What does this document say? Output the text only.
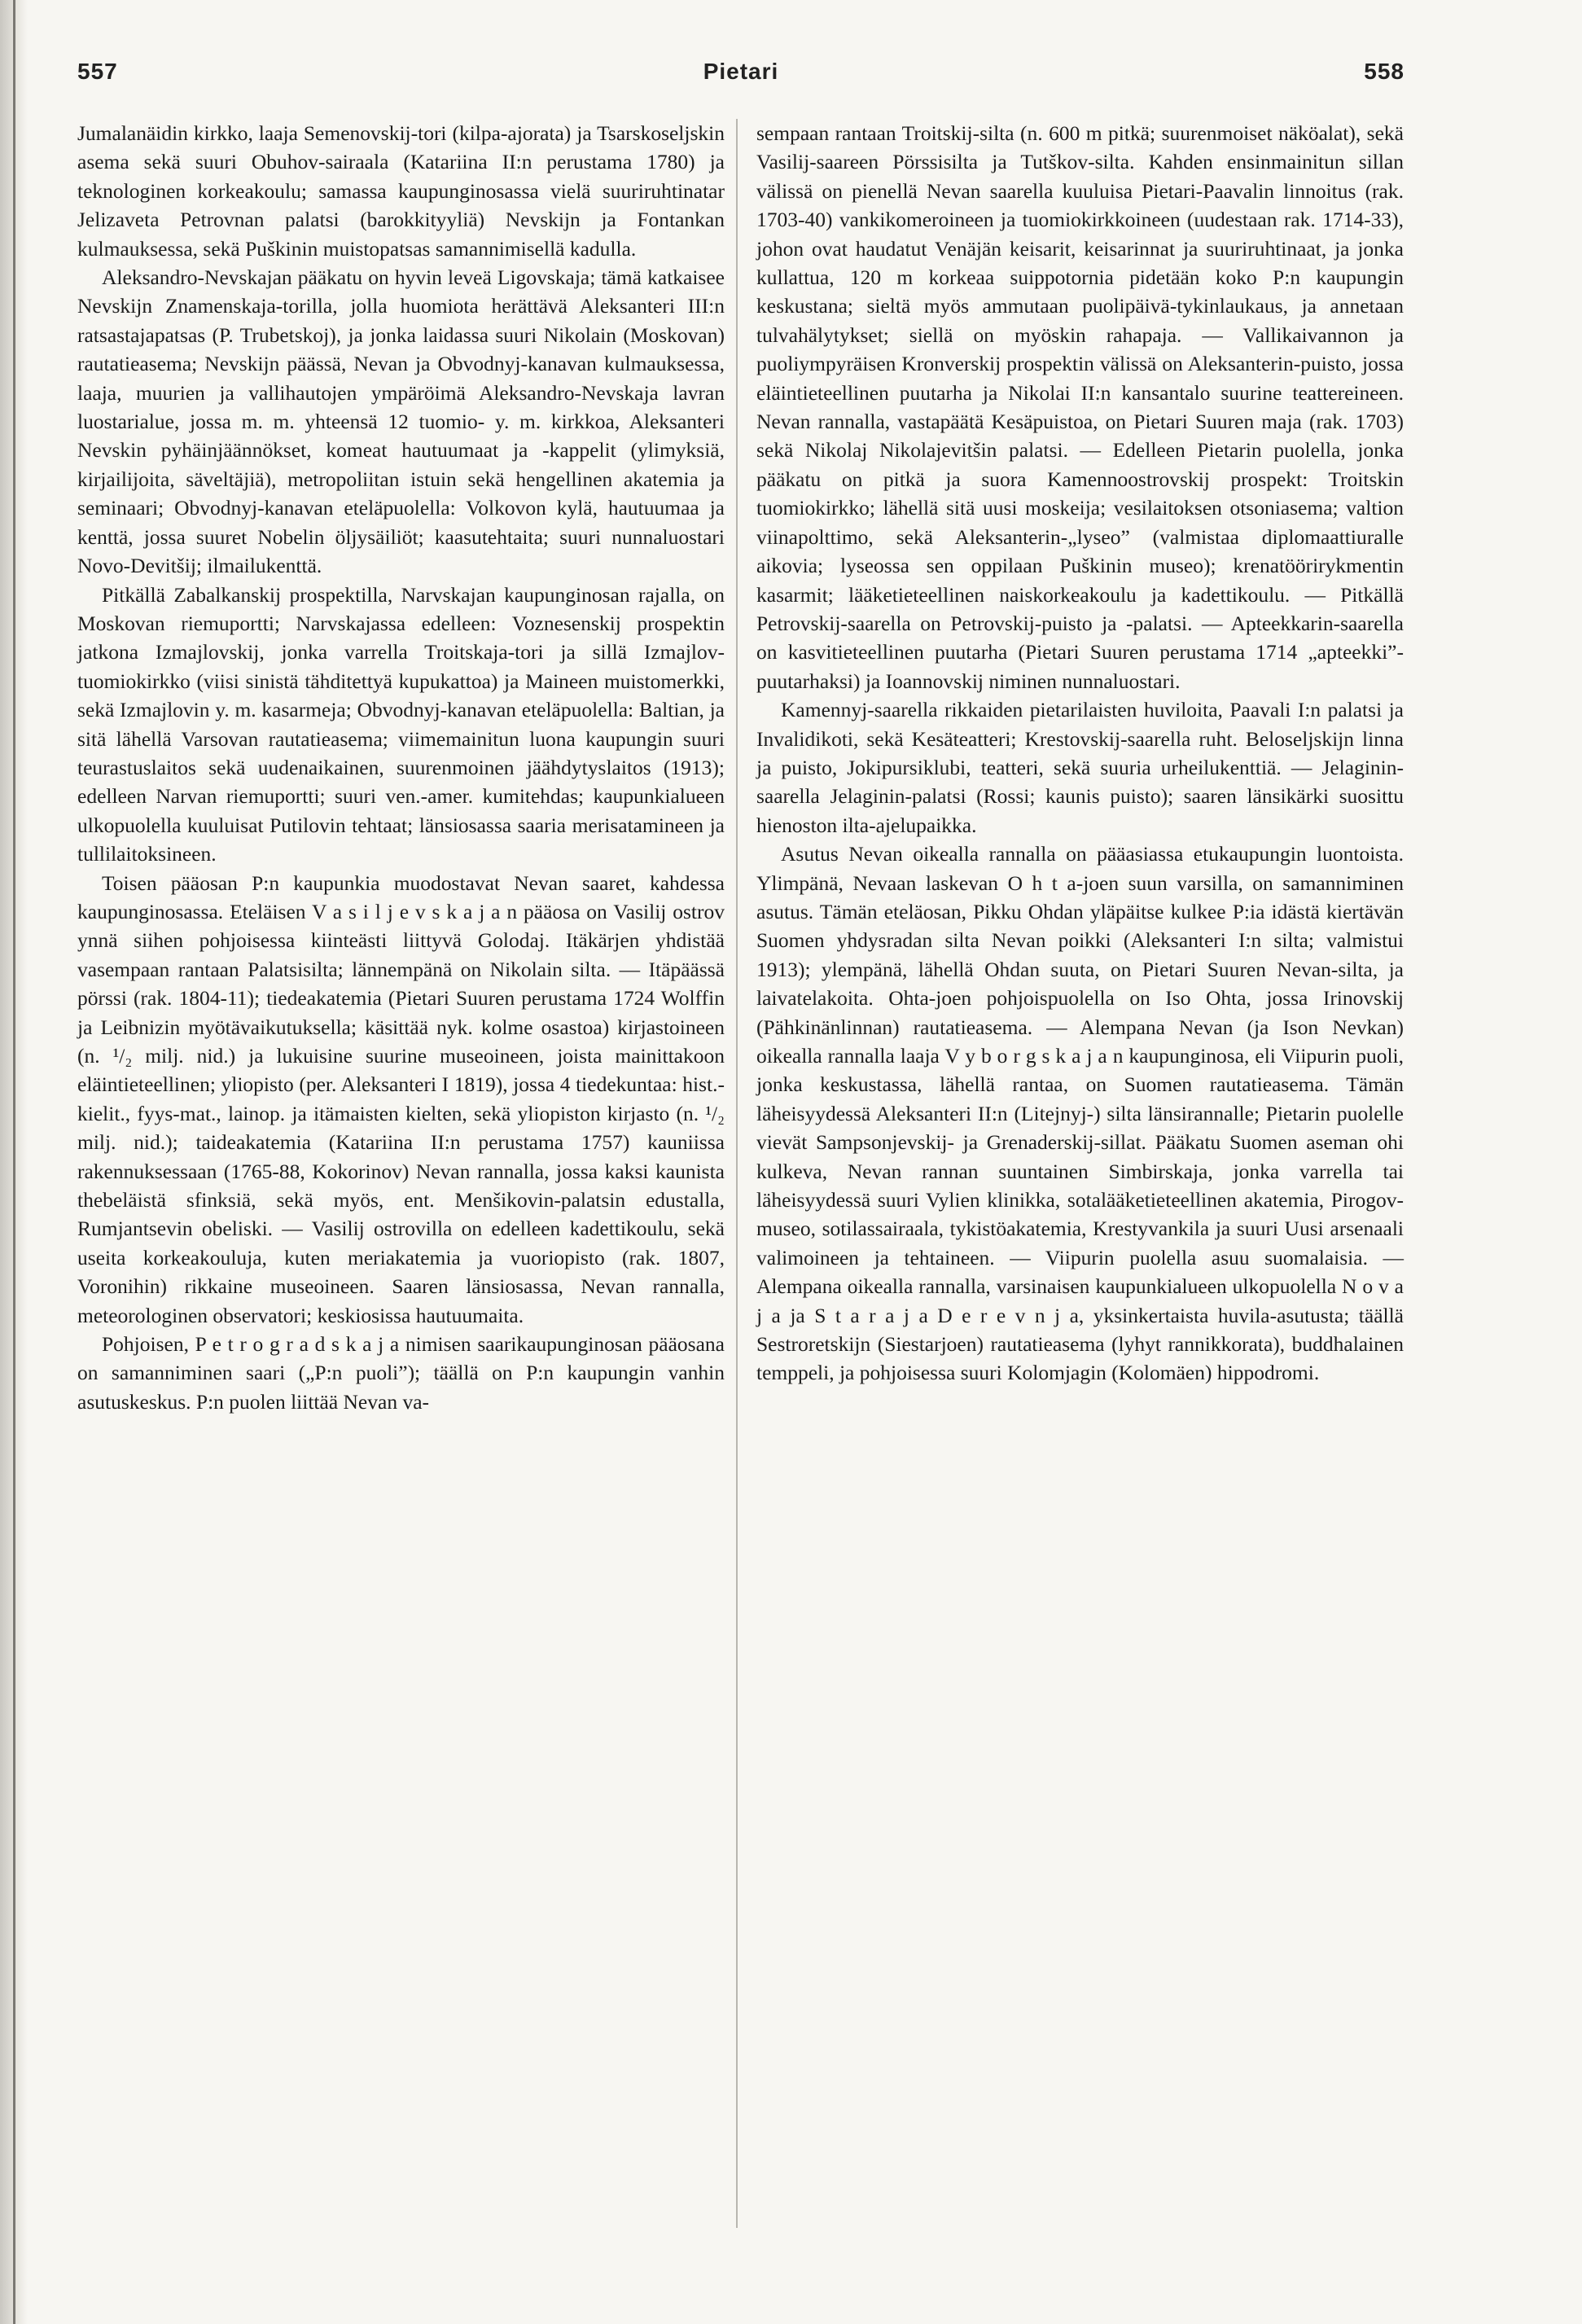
557	Pietari	558

Jumalanäidin kirkko, laaja Semenovskij-tori (kilpa-ajorata) ja Tsarskoseljskin asema sekä suuri Obuhov-sairaala (Katariina II:n perustama 1780) ja teknologinen korkeakoulu; samassa kaupunginosassa vielä suuriruhtinatar Jelizaveta Petrovnan palatsi (barokkityyliä) Nevskijn ja Fontankan kulmauksessa, sekä Puškinin muistopatsas samannimisellä kadulla.

Aleksandro-Nevskajan pääkatu on hyvin leveä Ligovskaja; tämä katkaisee Nevskijn Znamenskaja-torilla, jolla huomiota herättävä Aleksanteri III:n ratsastajapatsas (P. Trubetskoj), ja jonka laidassa suuri Nikolain (Moskovan) rautatieasema; Nevskijn päässä, Nevan ja Obvodnyj-kanavan kulmauksessa, laaja, muurien ja vallihautojen ympäröimä Aleksandro-Nevskaja lavran luostarialue, jossa m. m. yhteensä 12 tuomio- y. m. kirkkoa, Aleksanteri Nevskin pyhäinjäännökset, komeat hautuumaat ja -kappelit (ylimyksiä, kirjailijoita, säveltäjiä), metropoliitan istuin sekä hengellinen akatemia ja seminaari; Obvodnyj-kanavan eteläpuolella: Volkovon kylä, hautuumaa ja kenttä, jossa suuret Nobelin öljysäiliöt; kaasutehtaita; suuri nunnaluostari Novo-Devitšij; ilmailukenttä.

Pitkällä Zabalkanskij prospektilla, Narvskajan kaupunginosan rajalla, on Moskovan riemuportti; Narvskajassa edelleen: Voznesenskij prospektin jatkona Izmajlovskij, jonka varrella Troitskaja-tori ja sillä Izmajlov-tuomiokirkko (viisi sinistä tähditettyä kupukattoa) ja Maineen muistomerkki, sekä Izmajlovin y. m. kasarmeja; Obvodnyj-kanavan eteläpuolella: Baltian, ja sitä lähellä Varsovan rautatieasema; viimemainitun luona kaupungin suuri teurastuslaitos sekä uudenaikainen, suurenmoinen jäähdytyslaitos (1913); edelleen Narvan riemuportti; suuri ven.-amer. kumitehdas; kaupunkialueen ulkopuolella kuuluisat Putilovin tehtaat; länsiosassa saaria merisatamineen ja tullilaitoksineen.

Toisen pääosan P:n kaupunkia muodostavat Nevan saaret, kahdessa kaupunginosassa. Eteläisen V a s i l j e v s k a j a n pääosa on Vasilij ostrov ynnä siihen pohjoisessa kiinteästi liittyvä Golodaj. Itäkärjen yhdistää vasempaan rantaan Palatsisilta; lännempänä on Nikolain silta. — Itäpäässä pörssi (rak. 1804-11); tiedeakatemia (Pietari Suuren perustama 1724 Wolffin ja Leibnizin myötävaikutuksella; käsittää nyk. kolme osastoa) kirjastoineen (n. ¹/₂ milj. nid.) ja lukuisine suurine museoineen, joista mainittakoon eläintieteellinen; yliopisto (per. Aleksanteri I 1819), jossa 4 tiedekuntaa: hist.-kielit., fyys-mat., lainop. ja itämaisten kielten, sekä yliopiston kirjasto (n. ¹/₂ milj. nid.); taideakatemia (Katariina II:n perustama 1757) kauniissa rakennuksessaan (1765-88, Kokorinov) Nevan rannalla, jossa kaksi kaunista thebeläistä sfinksiä, sekä myös, ent. Menšikovin-palatsin edustalla, Rumjantsevin obeliski. — Vasilij ostrovilla on edelleen kadettikoulu, sekä useita korkeakouluja, kuten meriakatemia ja vuoriopisto (rak. 1807, Voronihin) rikkaine museoineen. Saaren länsiosassa, Nevan rannalla, meteorologinen observatori; keskiosissa hautuumaita.

Pohjoisen, P e t r o g r a d s k a j a nimisen saarikaupunginosan pääosana on samanniminen saari („P:n puoli”); täällä on P:n kaupungin vanhin asutuskeskus. P:n puolen liittää Nevan va-

sempaan rantaan Troitskij-silta (n. 600 m pitkä; suurenmoiset näköalat), sekä Vasilij-saareen Pörssisilta ja Tutškov-silta. Kahden ensinmainitun sillan välissä on pienellä Nevan saarella kuuluisa Pietari-Paavalin linnoitus (rak. 1703-40) vankikomeroineen ja tuomiokirkkoineen (uudestaan rak. 1714-33), johon ovat haudatut Venäjän keisarit, keisarinnat ja suuriruhtinaat, ja jonka kullattua, 120 m korkeaa suippotornia pidetään koko P:n kaupungin keskustana; sieltä myös ammutaan puolipäivä-tykinlaukaus, ja annetaan tulvahälytykset; siellä on myöskin rahapaja. — Vallikaivannon ja puoliympyräisen Kronverskij prospektin välissä on Aleksanterin-puisto, jossa eläintieteellinen puutarha ja Nikolai II:n kansantalo suurine teattereineen. Nevan rannalla, vastapäätä Kesäpuistoa, on Pietari Suuren maja (rak. 1703) sekä Nikolaj Nikolajevitšin palatsi. — Edelleen Pietarin puolella, jonka pääkatu on pitkä ja suora Kamennoostrovskij prospekt: Troitskin tuomiokirkko; lähellä sitä uusi moskeija; vesilaitoksen otsoniasema; valtion viinapolttimo, sekä Aleksanterin-„lyseo” (valmistaa diplomaattiuralle aikovia; lyseossa sen oppilaan Puškinin museo); krenatöörirykmentin kasarmit; lääketieteellinen naiskorkeakoulu ja kadettikoulu. — Pitkällä Petrovskij-saarella on Petrovskij-puisto ja -palatsi. — Apteekkarin-saarella on kasvitieteellinen puutarha (Pietari Suuren perustama 1714 „apteekki”-puutarhaksi) ja Ioannovskij niminen nunnaluostari.

Kamennyj-saarella rikkaiden pietarilaisten huviloita, Paavali I:n palatsi ja Invalidikoti, sekä Kesäteatteri; Krestovskij-saarella ruht. Beloseljskijn linna ja puisto, Jokipursiklubi, teatteri, sekä suuria urheilukenttiä. — Jelaginin-saarella Jelaginin-palatsi (Rossi; kaunis puisto); saaren länsikärki suosittu hienoston ilta-ajelupaikka.

Asutus Nevan oikealla rannalla on pääasiassa etukaupungin luontoista. Ylimpänä, Nevaan laskevan O h t a-joen suun varsilla, on samanniminen asutus. Tämän eteläosan, Pikku Ohdan yläpäitse kulkee P:ia idästä kiertävän Suomen yhdysradan silta Nevan poikki (Aleksanteri I:n silta; valmistui 1913); ylempänä, lähellä Ohdan suuta, on Pietari Suuren Nevan-silta, ja laivatelakoita. Ohta-joen pohjoispuolella on Iso Ohta, jossa Irinovskij (Pähkinänlinnan) rautatieasema. — Alempana Nevan (ja Ison Nevkan) oikealla rannalla laaja V y b o r g s k a j a n kaupunginosa, eli Viipurin puoli, jonka keskustassa, lähellä rantaa, on Suomen rautatieasema. Tämän läheisyydessä Aleksanteri II:n (Litejnyj-) silta länsirannalle; Pietarin puolelle vievät Sampsonjevskij- ja Grenaderskij-sillat. Pääkatu Suomen aseman ohi kulkeva, Nevan rannan suuntainen Simbirskaja, jonka varrella tai läheisyydessä suuri Vylien klinikka, sotalääketieteellinen akatemia, Pirogov-museo, sotilassairaala, tykistöakatemia, Krestyvankila ja suuri Uusi arsenaali valimoineen ja tehtaineen. — Viipurin puolella asuu suomalaisia. — Alempana oikealla rannalla, varsinaisen kaupunkialueen ulkopuolella N o v a j a ja S t a r a j a D e r e v n j a, yksinkertaista huvila-asutusta; täällä Sestroretskijn (Siestarjoen) rautatieasema (lyhyt rannikkorata), buddhalainen temppeli, ja pohjoisessa suuri Kolomjagin (Kolomäen) hippodromi.
